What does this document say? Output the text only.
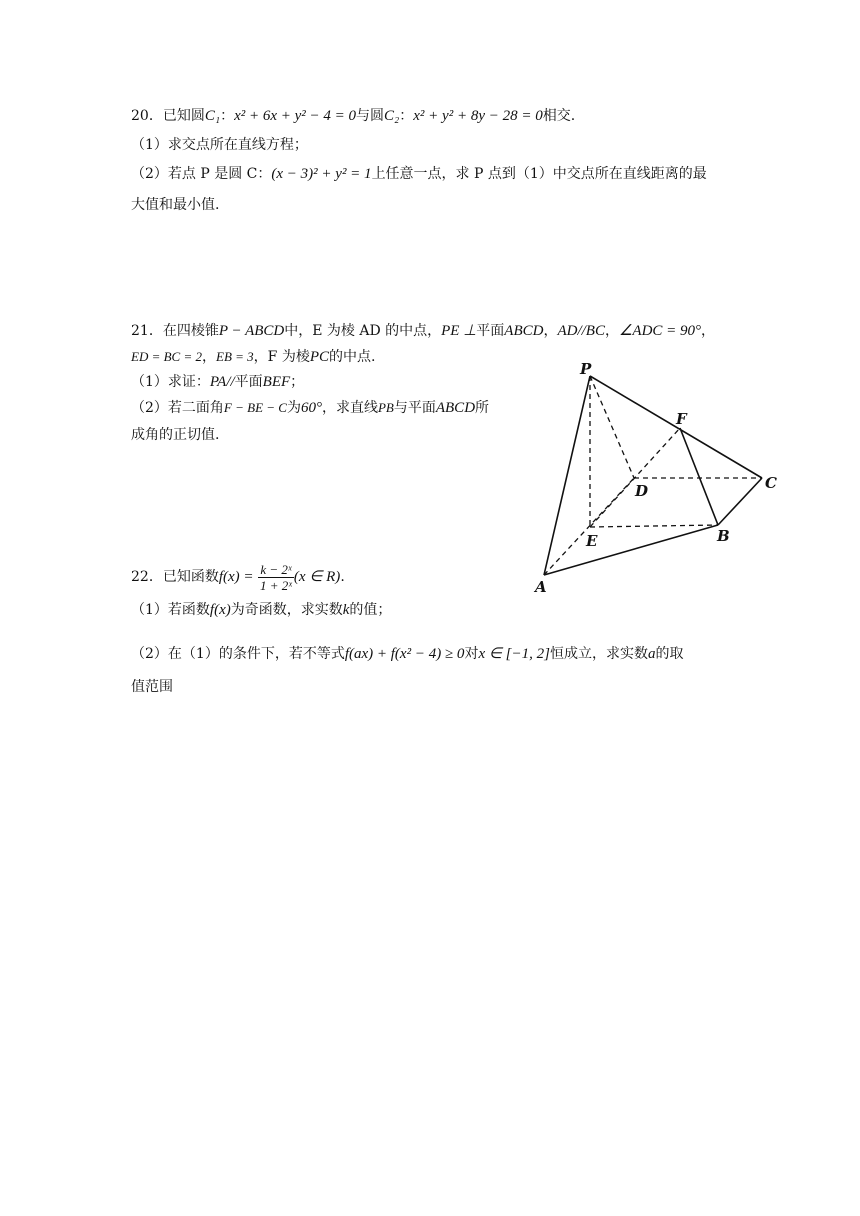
20．已知圆C₁：x² + 6x + y² − 4 = 0与圆C₂：x² + y² + 8y − 28 = 0相交.
（1）求交点所在直线方程；
（2）若点 P 是圆 C：(x − 3)² + y² = 1上任意一点，求 P 点到（1）中交点所在直线距离的最
大值和最小值.
21．在四棱锥P − ABCD中，E 为棱 AD 的中点，PE ⊥平面ABCD，AD//BC，∠ADC = 90°，
ED = BC = 2，EB = 3，F 为棱PC的中点.
（1）求证：PA//平面BEF；
（2）若二面角F − BE − C为60°，求直线PB与平面ABCD所
成角的正切值.
P
F
D	C
E	B
A
22．已知函数$f(x) = \frac{\text{k − 2ˣ}}{\text{1 + 2ˣ}} (x$ ∈ R).
（1）若函数f(x)为奇函数，求实数k的值；
（2）在（1）的条件下，若不等式f(ax) + f(x² − 4) ≥ 0对x ∈ [−1, 2]恒成立，求实数a的取
值范围
